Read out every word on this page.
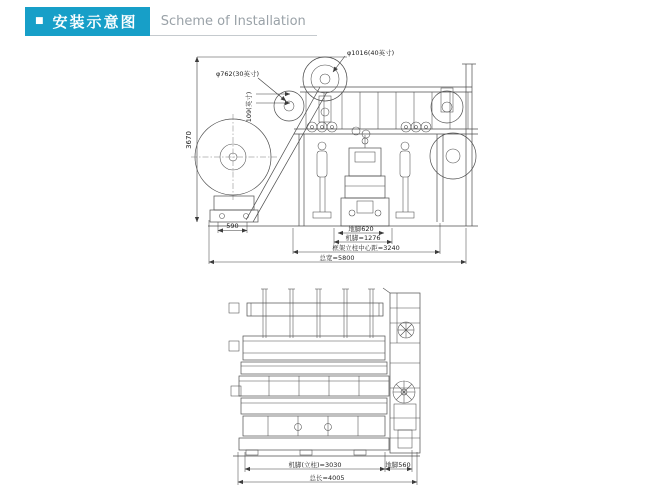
■ 安装示意图	Scheme of Installation
3670
590	地脚620
机脚=1276
框架立柱中心距=3240
总宽=5800
φ1016(40英寸)
φ762(30英寸)
109(英寸)
机脚(立柱)=3030	地脚560
总长=4005
